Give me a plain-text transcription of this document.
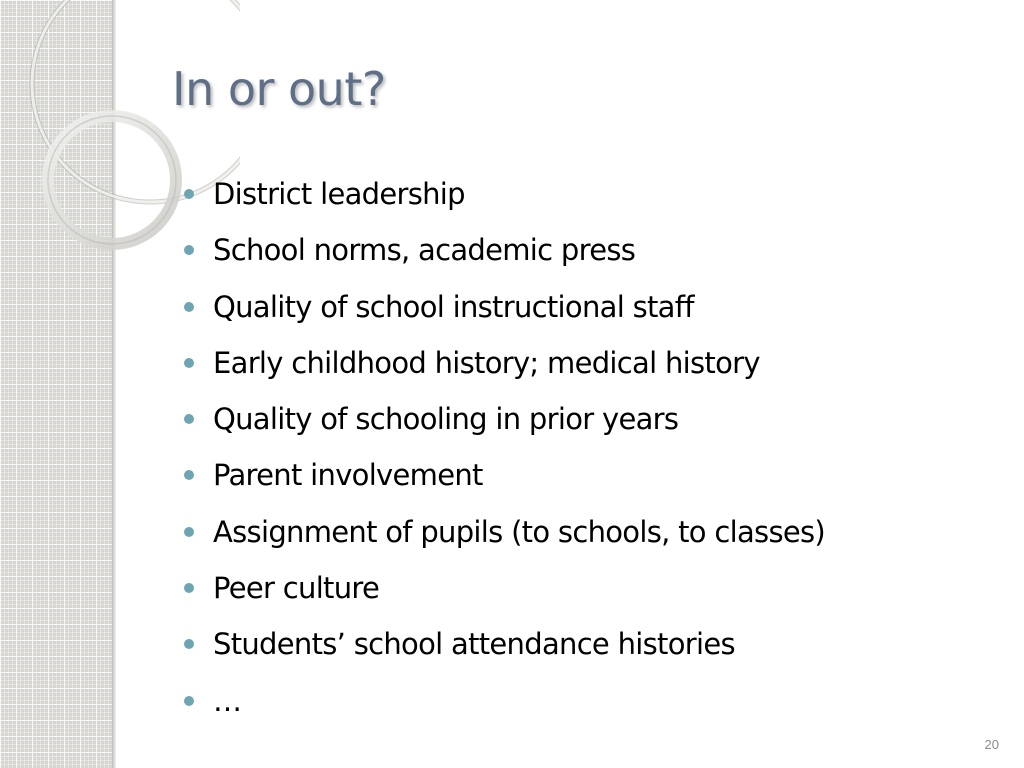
In or out?
District leadership
School norms, academic press
Quality of school instructional staff
Early childhood history; medical history
Quality of schooling in prior years
Parent involvement
Assignment of pupils (to schools, to classes)
Peer culture
Students’ school attendance histories
…
20
